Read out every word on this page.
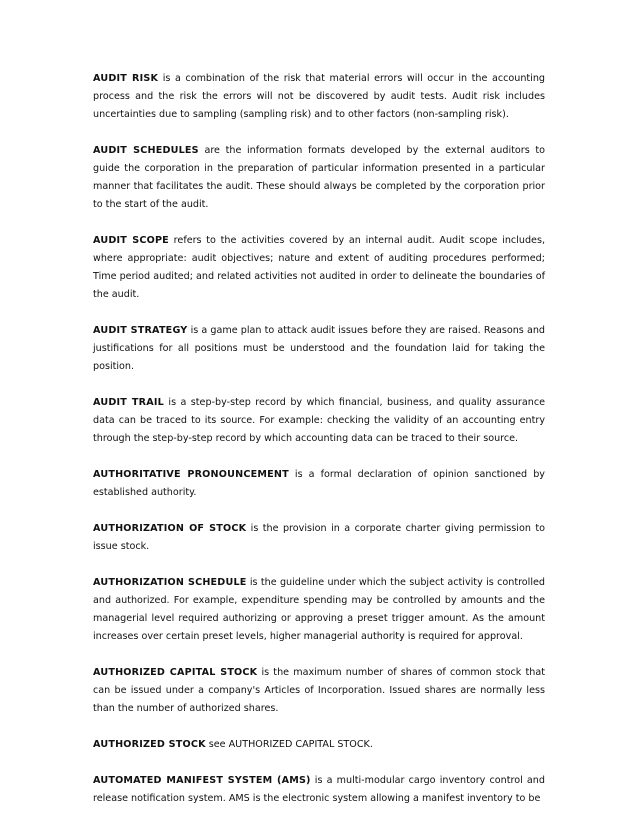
AUDIT RISK is a combination of the risk that material errors will occur in the accounting process and the risk the errors will not be discovered by audit tests. Audit risk includes uncertainties due to sampling (sampling risk) and to other factors (non-sampling risk).

AUDIT SCHEDULES are the information formats developed by the external auditors to guide the corporation in the preparation of particular information presented in a particular manner that facilitates the audit. These should always be completed by the corporation prior to the start of the audit.

AUDIT SCOPE refers to the activities covered by an internal audit. Audit scope includes, where appropriate: audit objectives; nature and extent of auditing procedures performed; Time period audited; and related activities not audited in order to delineate the boundaries of the audit.

AUDIT STRATEGY is a game plan to attack audit issues before they are raised. Reasons and justifications for all positions must be understood and the foundation laid for taking the position.

AUDIT TRAIL is a step-by-step record by which financial, business, and quality assurance data can be traced to its source. For example: checking the validity of an accounting entry through the step-by-step record by which accounting data can be traced to their source.

AUTHORITATIVE PRONOUNCEMENT is a formal declaration of opinion sanctioned by established authority.

AUTHORIZATION OF STOCK is the provision in a corporate charter giving permission to issue stock.

AUTHORIZATION SCHEDULE is the guideline under which the subject activity is controlled and authorized. For example, expenditure spending may be controlled by amounts and the managerial level required authorizing or approving a preset trigger amount. As the amount increases over certain preset levels, higher managerial authority is required for approval.

AUTHORIZED CAPITAL STOCK is the maximum number of shares of common stock that can be issued under a company's Articles of Incorporation. Issued shares are normally less than the number of authorized shares.

AUTHORIZED STOCK see AUTHORIZED CAPITAL STOCK.

AUTOMATED MANIFEST SYSTEM (AMS) is a multi-modular cargo inventory control and release notification system. AMS is the electronic system allowing a manifest inventory to be
